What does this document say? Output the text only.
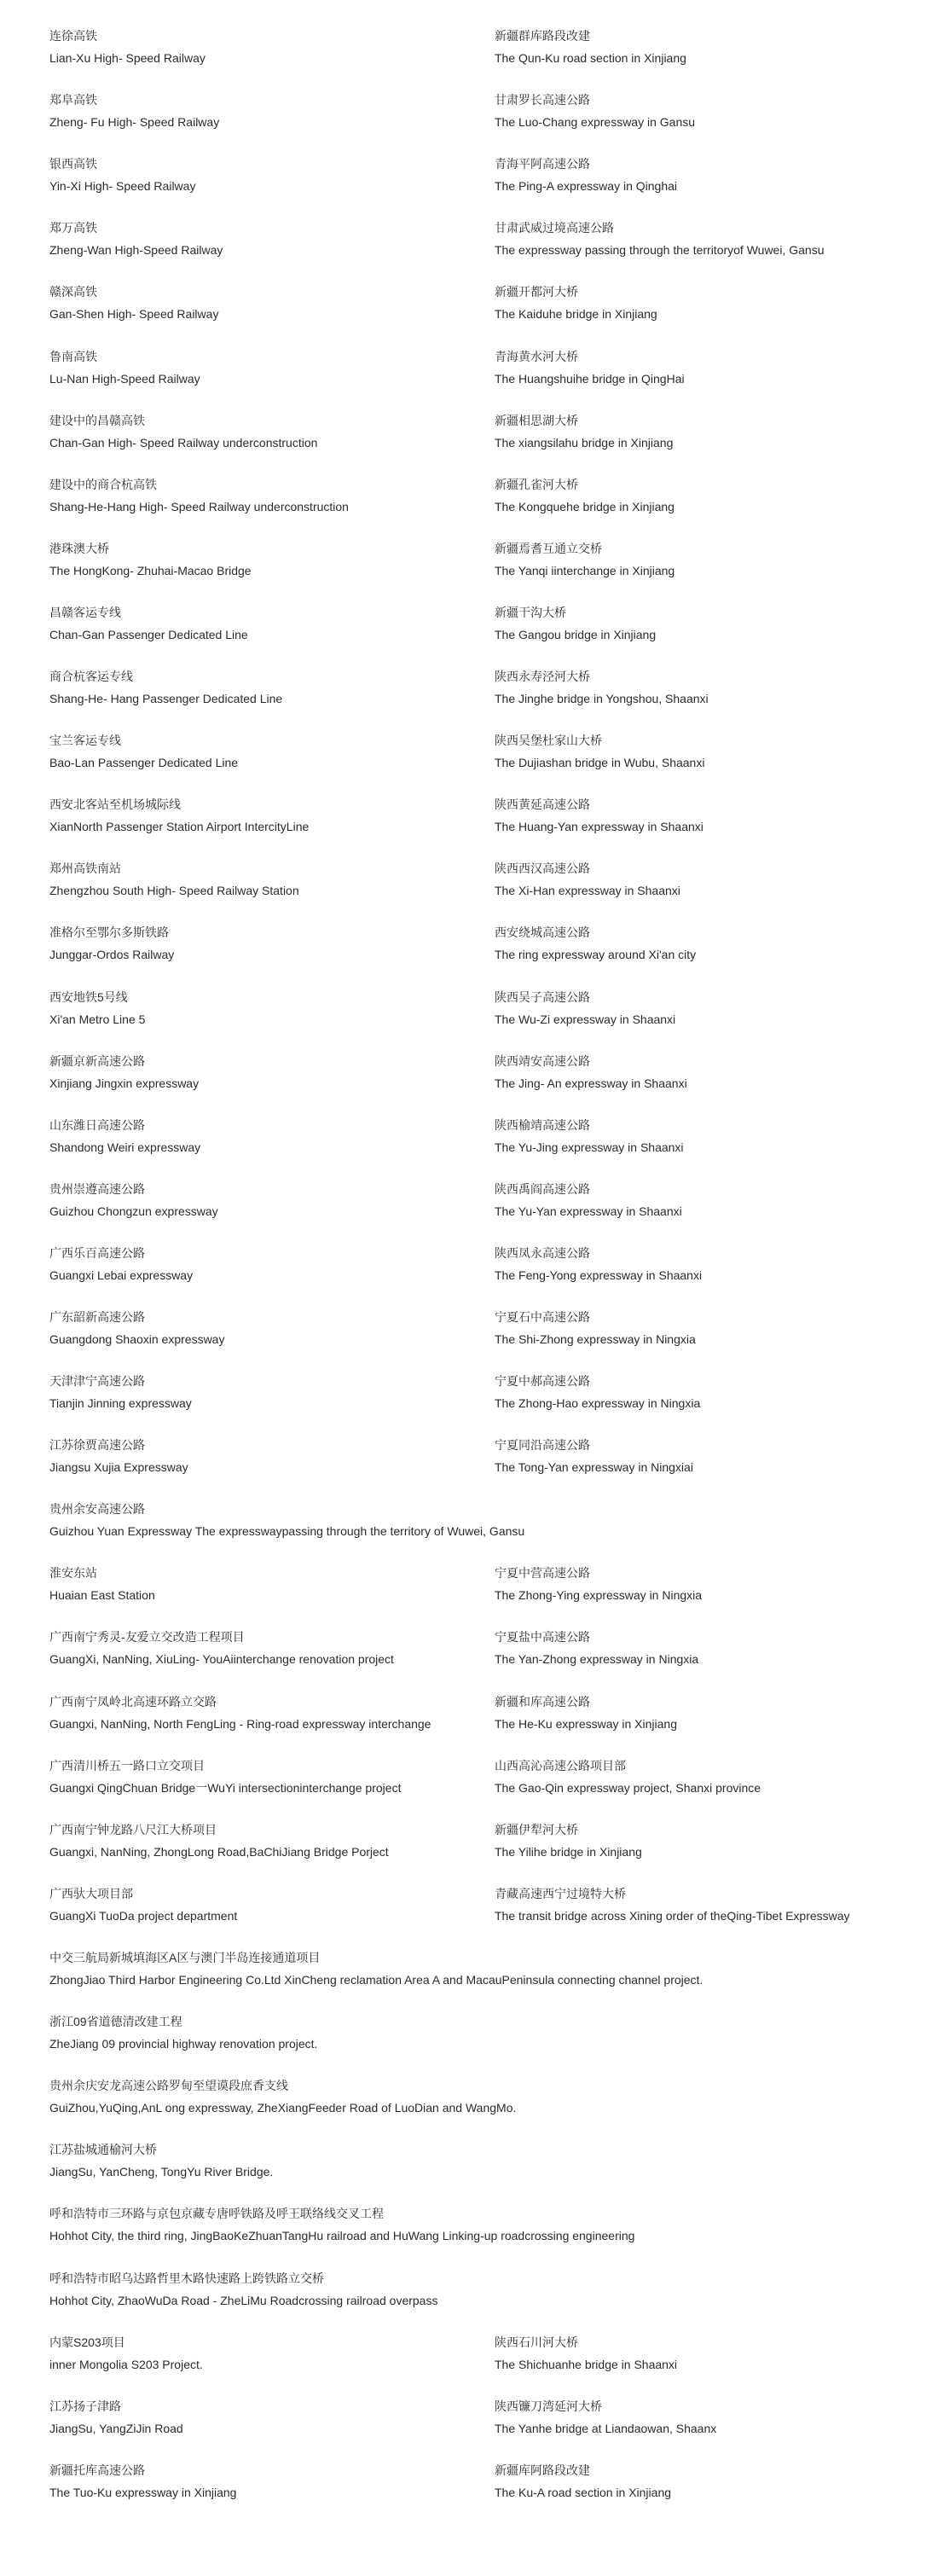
连徐高铁
Lian-Xu High- Speed Railway
新疆群库路段改建
The Qun-Ku road section in Xinjiang
郑阜高铁
Zheng- Fu High- Speed Railway
甘肃罗长高速公路
The Luo-Chang expressway in Gansu
银西高铁
Yin-Xi High- Speed Railway
青海平阿高速公路
The Ping-A expressway in Qinghai
郑万高铁
Zheng-Wan High-Speed Railway
甘肃武威过境高速公路
The expressway passing through the territoryof Wuwei, Gansu
赣深高铁
Gan-Shen High- Speed Railway
新疆开都河大桥
The Kaiduhe bridge in Xinjiang
鲁南高铁
Lu-Nan High-Speed Railway
青海黄水河大桥
The Huangshuihe bridge in QingHai
建设中的昌赣高铁
Chan-Gan High- Speed Railway underconstruction
新疆相思湖大桥
The xiangsilahu bridge in Xinjiang
建设中的商合杭高铁
Shang-He-Hang High- Speed Railway underconstruction
新疆孔雀河大桥
The Kongquehe bridge in Xinjiang
港珠澳大桥
The HongKong- Zhuhai-Macao Bridge
新疆焉耆互通立交桥
The Yanqi iinterchange in Xinjiang
昌赣客运专线
Chan-Gan Passenger Dedicated Line
新疆干沟大桥
The Gangou bridge in Xinjiang
商合杭客运专线
Shang-He- Hang Passenger Dedicated Line
陕西永寿泾河大桥
The Jinghe bridge in Yongshou, Shaanxi
宝兰客运专线
Bao-Lan Passenger Dedicated Line
陕西吴堡杜家山大桥
The Dujiashan bridge in Wubu, Shaanxi
西安北客站至机场城际线
XianNorth Passenger Station Airport IntercityLine
陕西黄延高速公路
The Huang-Yan expressway in Shaanxi
郑州高铁南站
Zhengzhou South High- Speed Railway Station
陕西西汉高速公路
The Xi-Han expressway in Shaanxi
准格尔至鄂尔多斯铁路
Junggar-Ordos Railway
西安绕城高速公路
The ring expressway around Xi'an city
西安地铁5号线
Xi'an Metro Line 5
陕西吴子高速公路
The Wu-Zi expressway in Shaanxi
新疆京新高速公路
Xinjiang Jingxin expressway
陕西靖安高速公路
The Jing- An expressway in Shaanxi
山东潍日高速公路
Shandong Weiri expressway
陕西榆靖高速公路
The Yu-Jing expressway in Shaanxi
贵州崇遵高速公路
Guizhou Chongzun expressway
陕西禹阎高速公路
The Yu-Yan expressway in Shaanxi
广西乐百高速公路
Guangxi Lebai expressway
陕西凤永高速公路
The Feng-Yong expressway in Shaanxi
广东韶新高速公路
Guangdong Shaoxin expressway
宁夏石中高速公路
The Shi-Zhong expressway in Ningxia
天津津宁高速公路
Tianjin Jinning expressway
宁夏中郝高速公路
The Zhong-Hao expressway in Ningxia
江苏徐贾高速公路
Jiangsu Xujia Expressway
宁夏同沿高速公路
The Tong-Yan expressway in Ningxiai
贵州余安高速公路
Guizhou Yuan Expressway The expresswaypassing through the territory of Wuwei, Gansu
淮安东站
Huaian East Station
宁夏中营高速公路
The Zhong-Ying expressway in Ningxia
广西南宁秀灵-友爱立交改造工程项目
GuangXi, NanNing, XiuLing- YouAiinterchange renovation project
宁夏盐中高速公路
The Yan-Zhong expressway in Ningxia
广西南宁凤岭北高速环路立交路
Guangxi, NanNing, North FengLing - Ring-road expressway interchange
新疆和库高速公路
The He-Ku expressway in Xinjiang
广西清川桥五一路口立交项目
Guangxi QingChuan Bridge一WuYi intersectioninterchange project
山西高沁高速公路项目部
The Gao-Qin expressway project, Shanxi province
广西南宁钟龙路八尺江大桥项目
Guangxi, NanNing, ZhongLong Road,BaChiJiang Bridge Porject
新疆伊犁河大桥
The Yilihe bridge in Xinjiang
广西驮大项目部
GuangXi TuoDa project department
青藏高速西宁过境特大桥
The transit bridge across Xining order of theQing-Tibet Expressway
中交三航局新城填海区A区与澳门半岛连接通道项目
ZhongJiao Third Harbor Engineering Co.Ltd XinCheng reclamation Area A and MacauPeninsula connecting channel project.
浙江09省道德清改建工程
ZheJiang 09 provincial highway renovation project.
贵州余庆安龙高速公路罗甸至望谟段庶香支线
GuiZhou,YuQing,AnL ong expressway, ZheXiangFeeder Road of LuoDian and WangMo.
江苏盐城通榆河大桥
JiangSu, YanCheng, TongYu River Bridge.
呼和浩特市三环路与京包京藏专唐呼铁路及呼王联络线交叉工程
Hohhot City, the third ring, JingBaoKeZhuanTangHu railroad and HuWang Linking-up roadcrossing engineering
呼和浩特市昭乌达路哲里木路快速路上跨铁路立交桥
Hohhot City, ZhaoWuDa Road - ZheLiMu Roadcrossing railroad overpass
内蒙S203项目
inner Mongolia S203 Project.
陕西石川河大桥
The Shichuanhe bridge in Shaanxi
江苏扬子津路
JiangSu, YangZiJin Road
陕西镰刀湾延河大桥
The Yanhe bridge at Liandaowan, Shaanx
新疆托库高速公路
The Tuo-Ku expressway in Xinjiang
新疆库阿路段改建
The Ku-A road section in Xinjiang
